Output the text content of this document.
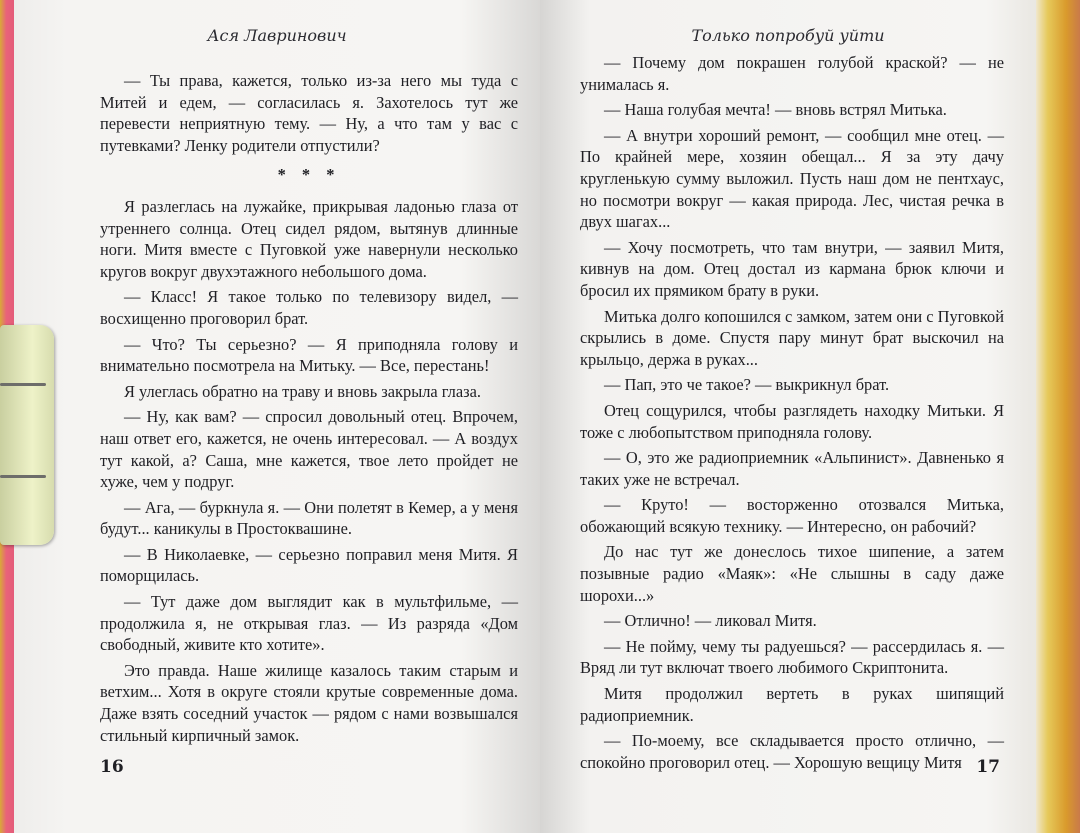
Ася Лавринович

— Ты права, кажется, только из-за него мы туда с Митей и едем, — согласилась я. Захотелось тут же перевести неприятную тему. — Ну, а что там у вас с путевками? Ленку родители отпустили?

* * *

Я разлеглась на лужайке, прикрывая ладонью глаза от утреннего солнца. Отец сидел рядом, вытянув длинные ноги. Митя вместе с Пуговкой уже навернули несколько кругов вокруг двухэтажного небольшого дома.

— Класс! Я такое только по телевизору видел, — восхищенно проговорил брат.

— Что? Ты серьезно? — Я приподняла голову и внимательно посмотрела на Митьку. — Все, перестань!

Я улеглась обратно на траву и вновь закрыла глаза.

— Ну, как вам? — спросил довольный отец. Впрочем, наш ответ его, кажется, не очень интересовал. — А воздух тут какой, а? Саша, мне кажется, твое лето пройдет не хуже, чем у подруг.

— Ага, — буркнула я. — Они полетят в Кемер, а у меня будут... каникулы в Простоквашине.

— В Николаевке, — серьезно поправил меня Митя. Я поморщилась.

— Тут даже дом выглядит как в мультфильме, — продолжила я, не открывая глаз. — Из разряда «Дом свободный, живите кто хотите».

Это правда. Наше жилище казалось таким старым и ветхим... Хотя в округе стояли крутые современные дома. Даже взять соседний участок — рядом с нами возвышался стильный кирпичный замок.

16
Только попробуй уйти

— Почему дом покрашен голубой краской? — не унималась я.

— Наша голубая мечта! — вновь встрял Митька.

— А внутри хороший ремонт, — сообщил мне отец. — По крайней мере, хозяин обещал... Я за эту дачу кругленькую сумму выложил. Пусть наш дом не пентхаус, но посмотри вокруг — какая природа. Лес, чистая речка в двух шагах...

— Хочу посмотреть, что там внутри, — заявил Митя, кивнув на дом. Отец достал из кармана брюк ключи и бросил их прямиком брату в руки.

Митька долго копошился с замком, затем они с Пуговкой скрылись в доме. Спустя пару минут брат выскочил на крыльцо, держа в руках...

— Пап, это че такое? — выкрикнул брат.

Отец сощурился, чтобы разглядеть находку Митьки. Я тоже с любопытством приподняла голову.

— О, это же радиоприемник «Альпинист». Давненько я таких уже не встречал.

— Круто! — восторженно отозвался Митька, обожающий всякую технику. — Интересно, он рабочий?

До нас тут же донеслось тихое шипение, а затем позывные радио «Маяк»: «Не слышны в саду даже шорохи...»

— Отлично! — ликовал Митя.

— Не пойму, чему ты радуешься? — рассердилась я. — Вряд ли тут включат твоего любимого Скриптонита.

Митя продолжил вертеть в руках шипящий радиоприемник.

— По-моему, все складывается просто отлично, — спокойно проговорил отец. — Хорошую вещицу Митя 17
